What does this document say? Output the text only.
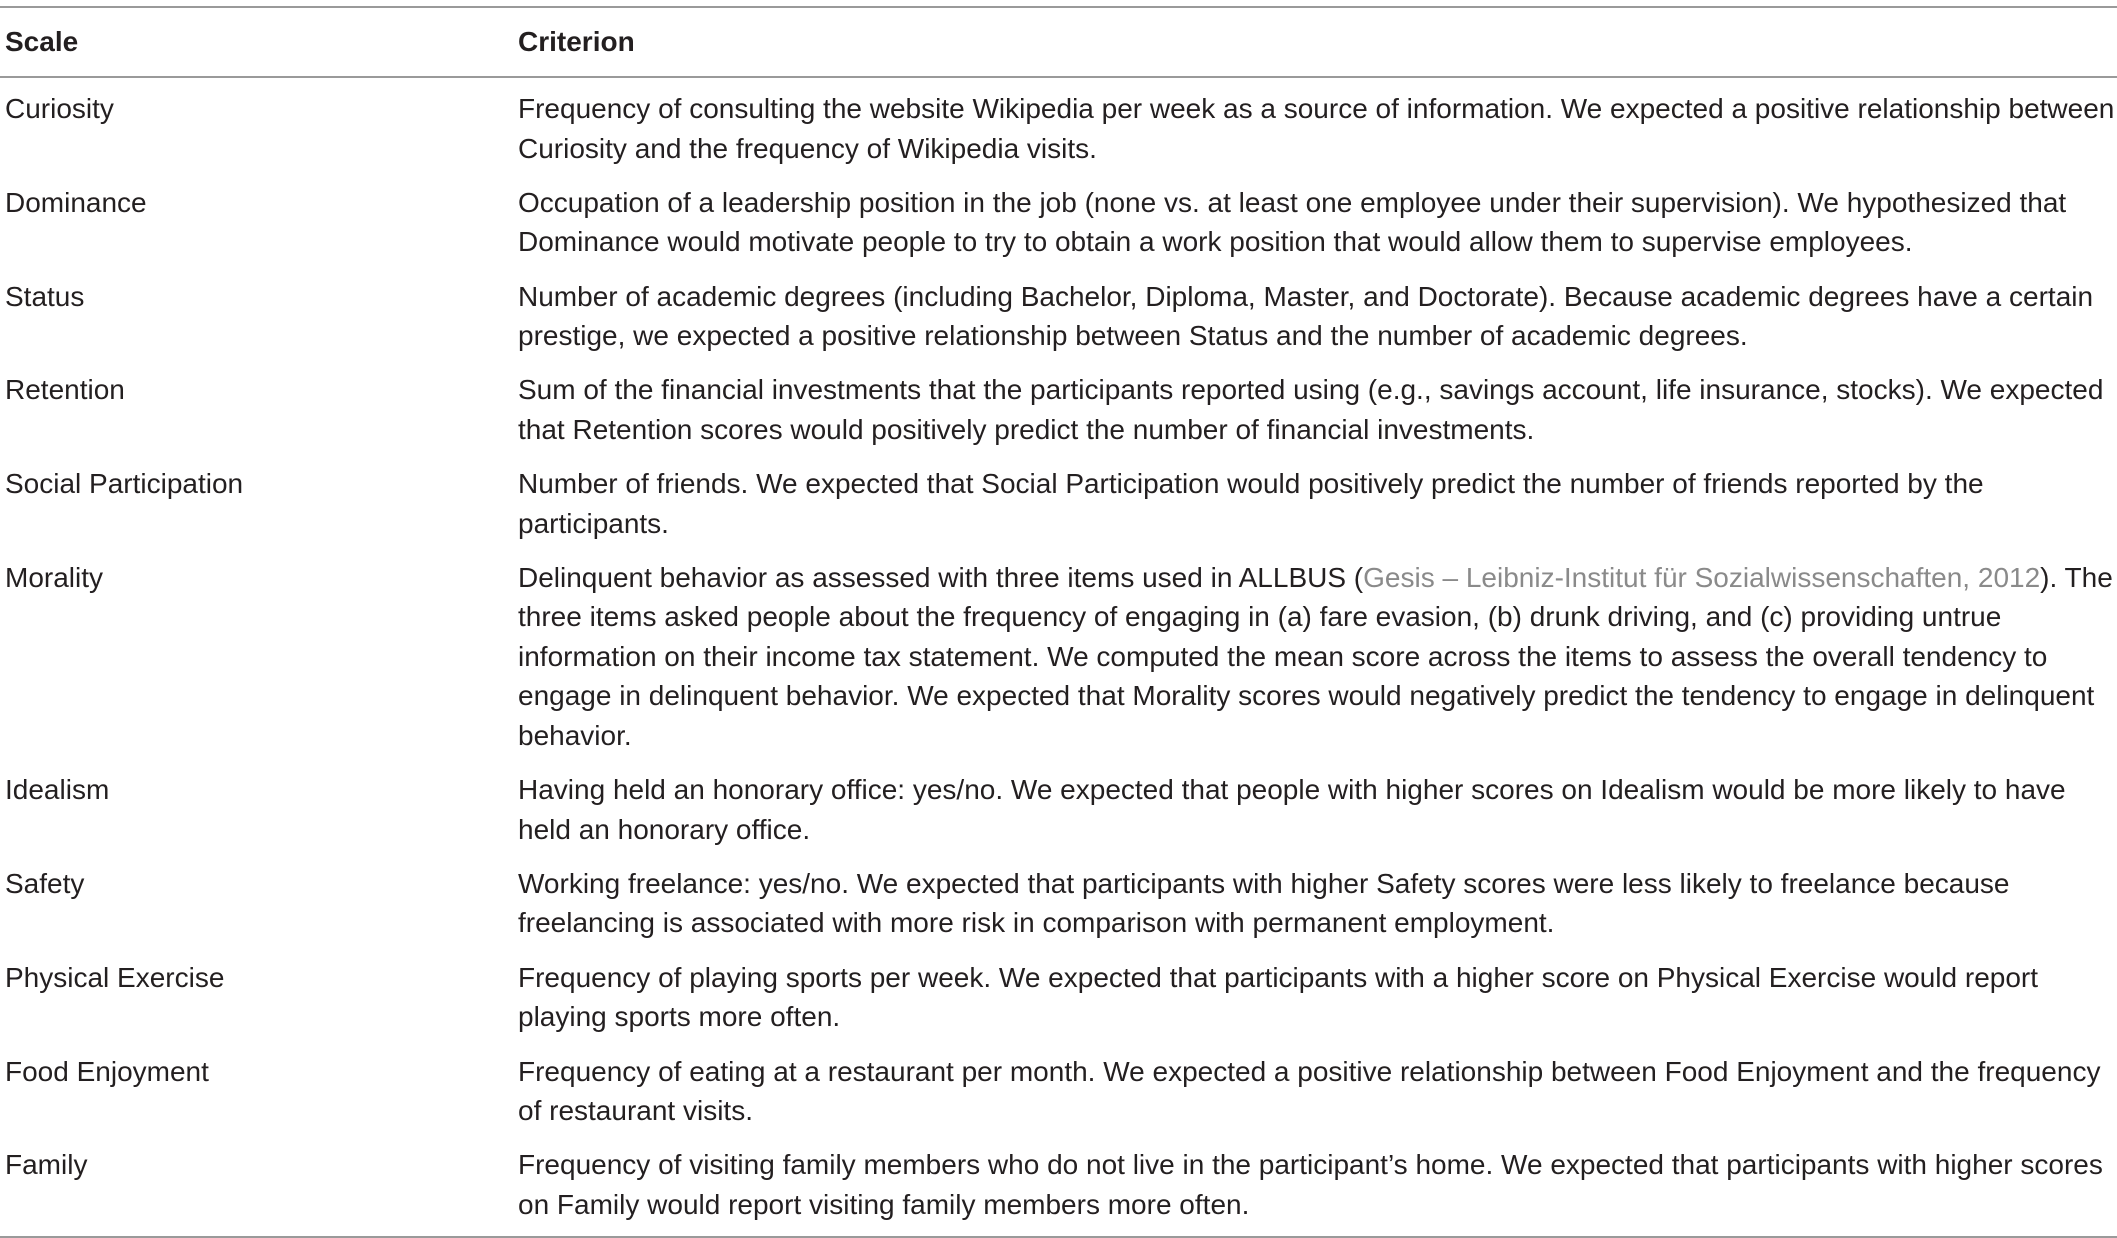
Scale	Criterion
Curiosity	Frequency of consulting the website Wikipedia per week as a source of information. We expected a positive relationship between Curiosity and the frequency of Wikipedia visits.
Dominance	Occupation of a leadership position in the job (none vs. at least one employee under their supervision). We hypothesized that Dominance would motivate people to try to obtain a work position that would allow them to supervise employees.
Status	Number of academic degrees (including Bachelor, Diploma, Master, and Doctorate). Because academic degrees have a certain prestige, we expected a positive relationship between Status and the number of academic degrees.
Retention	Sum of the financial investments that the participants reported using (e.g., savings account, life insurance, stocks). We expected that Retention scores would positively predict the number of financial investments.
Social Participation	Number of friends. We expected that Social Participation would positively predict the number of friends reported by the participants.
Morality	Delinquent behavior as assessed with three items used in ALLBUS (Gesis – Leibniz-Institut für Sozialwissenschaften, 2012). The three items asked people about the frequency of engaging in (a) fare evasion, (b) drunk driving, and (c) providing untrue information on their income tax statement. We computed the mean score across the items to assess the overall tendency to engage in delinquent behavior. We expected that Morality scores would negatively predict the tendency to engage in delinquent behavior.
Idealism	Having held an honorary office: yes/no. We expected that people with higher scores on Idealism would be more likely to have held an honorary office.
Safety	Working freelance: yes/no. We expected that participants with higher Safety scores were less likely to freelance because freelancing is associated with more risk in comparison with permanent employment.
Physical Exercise	Frequency of playing sports per week. We expected that participants with a higher score on Physical Exercise would report playing sports more often.
Food Enjoyment	Frequency of eating at a restaurant per month. We expected a positive relationship between Food Enjoyment and the frequency of restaurant visits.
Family	Frequency of visiting family members who do not live in the participant’s home. We expected that participants with higher scores on Family would report visiting family members more often.
